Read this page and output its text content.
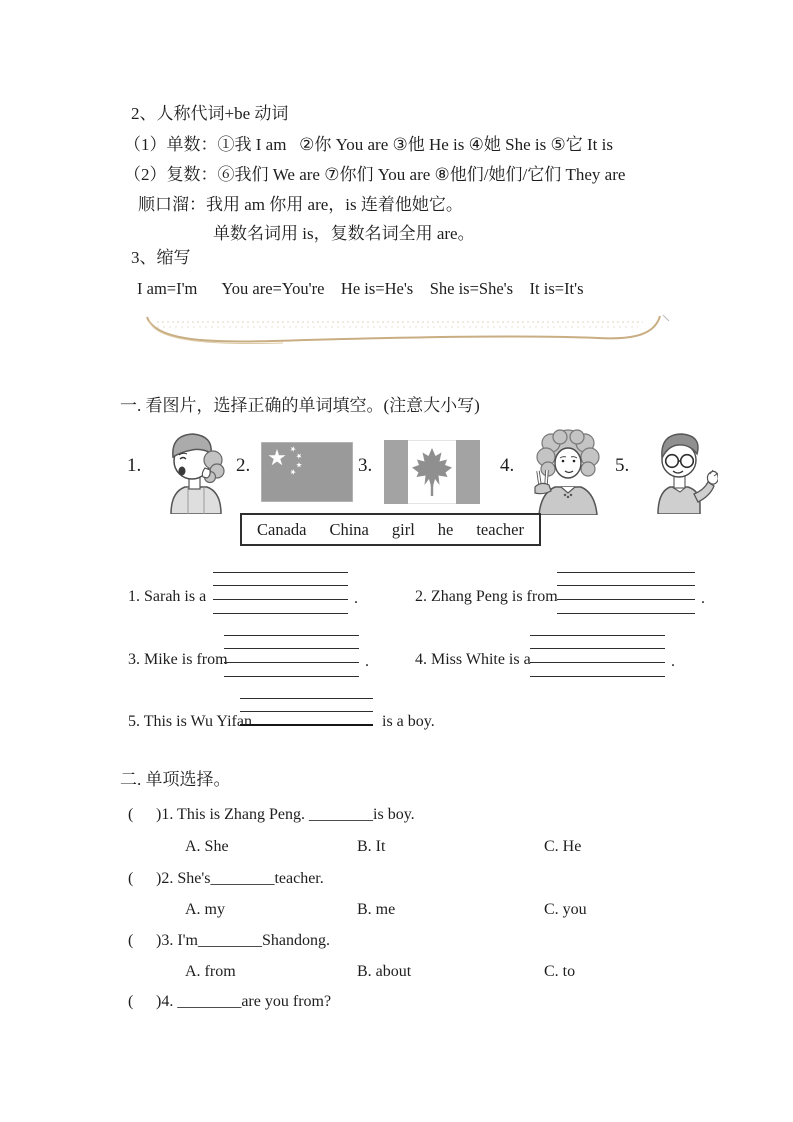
2、人称代词+be 动词
（1）单数：①我 I am   ②你 You are ③他 He is ④她 She is ⑤它 It is
（2）复数：⑥我们 We are ⑦你们 You are ⑧他们/她们/它们 They are
顺口溜：我用 am 你用 are，is 连着他她它。
单数名词用 is，复数名词全用 are。
3、缩写
I am=I'm      You are=You're    He is=He's    She is=She's    It is=It's
一. 看图片，选择正确的单词填空。(注意大小写)
1.	2.	3.	4.	5.
Canada China girl he teacher
1. Sarah is a	.	2. Zhang Peng is from	.
3. Mike is from	.	4. Miss White is a	.
5. This is Wu Yifan	is a boy.
二. 单项选择。
( )1. This is Zhang Peng. ________is boy.
A. She	B. It	C. He
( )2. She's________teacher.
A. my	B. me	C. you
( )3. I'm________Shandong.
A. from	B. about	C. to
( )4. ________are you from?
